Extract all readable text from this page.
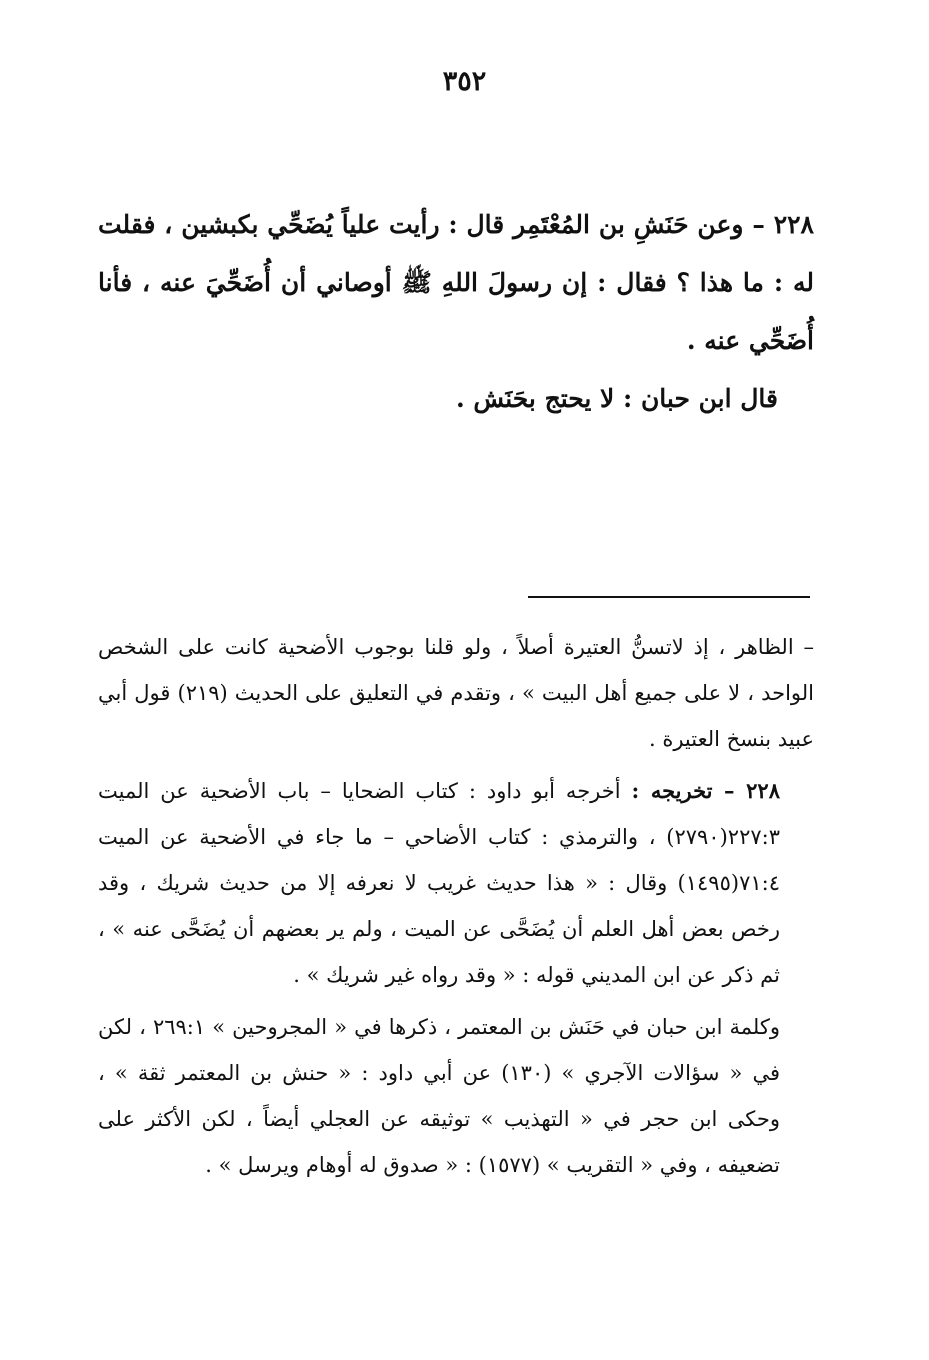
٣٥٢

٢٢٨ – وعن حَنَشِ بن المُعْتَمِر قال : رأيت علياً يُضَحِّي بكبشين ، فقلت له : ما هذا ؟ فقال : إن رسولَ اللهِ ﷺ أوصاني أن أُضَحِّيَ عنه ، فأنا أُضَحِّي عنه .

قال ابن حبان : لا يحتج بحَنَش .

– الظاهر ، إذ لاتسنُّ العتيرة أصلاً ، ولو قلنا بوجوب الأضحية كانت على الشخص الواحد ، لا على جميع أهل البيت » ، وتقدم في التعليق على الحديث (٢١٩) قول أبي عبيد بنسخ العتيرة .

٢٢٨ – تخريجه : أخرجه أبو داود : كتاب الضحايا – باب الأضحية عن الميت ٢٢٧:٣(٢٧٩٠) ، والترمذي : كتاب الأضاحي – ما جاء في الأضحية عن الميت ٧١:٤(١٤٩٥) وقال : « هذا حديث غريب لا نعرفه إلا من حديث شريك ، وقد رخص بعض أهل العلم أن يُضَحَّى عن الميت ، ولم ير بعضهم أن يُضَحَّى عنه » ، ثم ذكر عن ابن المديني قوله : « وقد رواه غير شريك » .

وكلمة ابن حبان في حَنَش بن المعتمر ، ذكرها في « المجروحين » ٢٦٩:١ ، لكن في « سؤالات الآجري » (١٣٠) عن أبي داود : « حنش بن المعتمر ثقة » ، وحكى ابن حجر في « التهذيب » توثيقه عن العجلي أيضاً ، لكن الأكثر على تضعيفه ، وفي « التقريب » (١٥٧٧) : « صدوق له أوهام ويرسل » .
